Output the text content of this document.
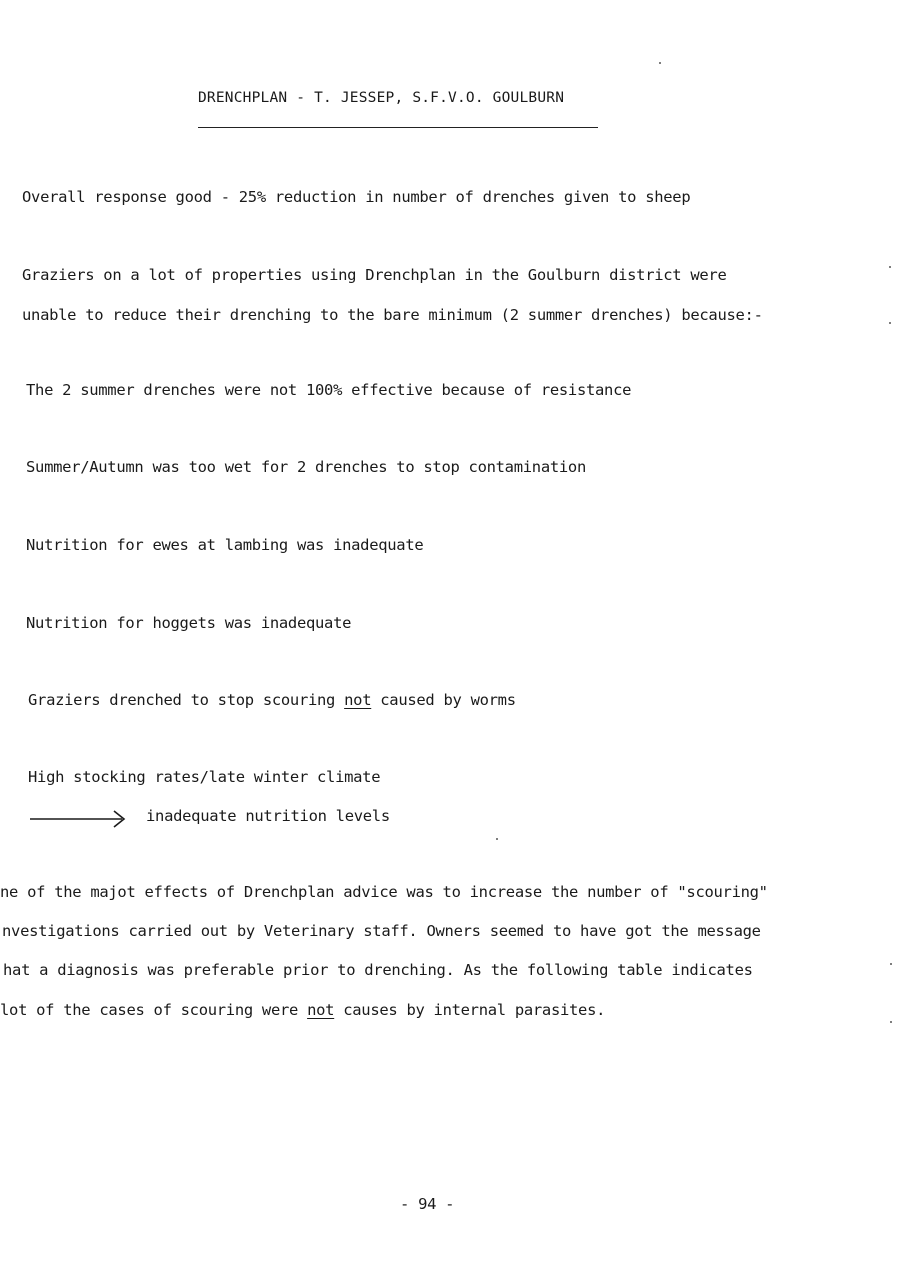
DRENCHPLAN - T. JESSEP, S.F.V.O. GOULBURN
Overall response good - 25% reduction in number of drenches given to sheep
Graziers on a lot of properties using Drenchplan in the Goulburn district were
unable to reduce their drenching to the bare minimum (2 summer drenches) because:-
The 2 summer drenches were not 100% effective because of resistance
Summer/Autumn was too wet for 2 drenches to stop contamination
Nutrition for ewes at lambing was inadequate
Nutrition for hoggets was inadequate
Graziers drenched to stop scouring not caused by worms
High stocking rates/late winter climate
inadequate nutrition levels
ne of the majot effects of Drenchplan advice was to increase the number of "scouring"
nvestigations carried out by Veterinary staff. Owners seemed to have got the message
hat a diagnosis was preferable prior to drenching. As the following table indicates
lot of the cases of scouring were not causes by internal parasites.
- 94 -
